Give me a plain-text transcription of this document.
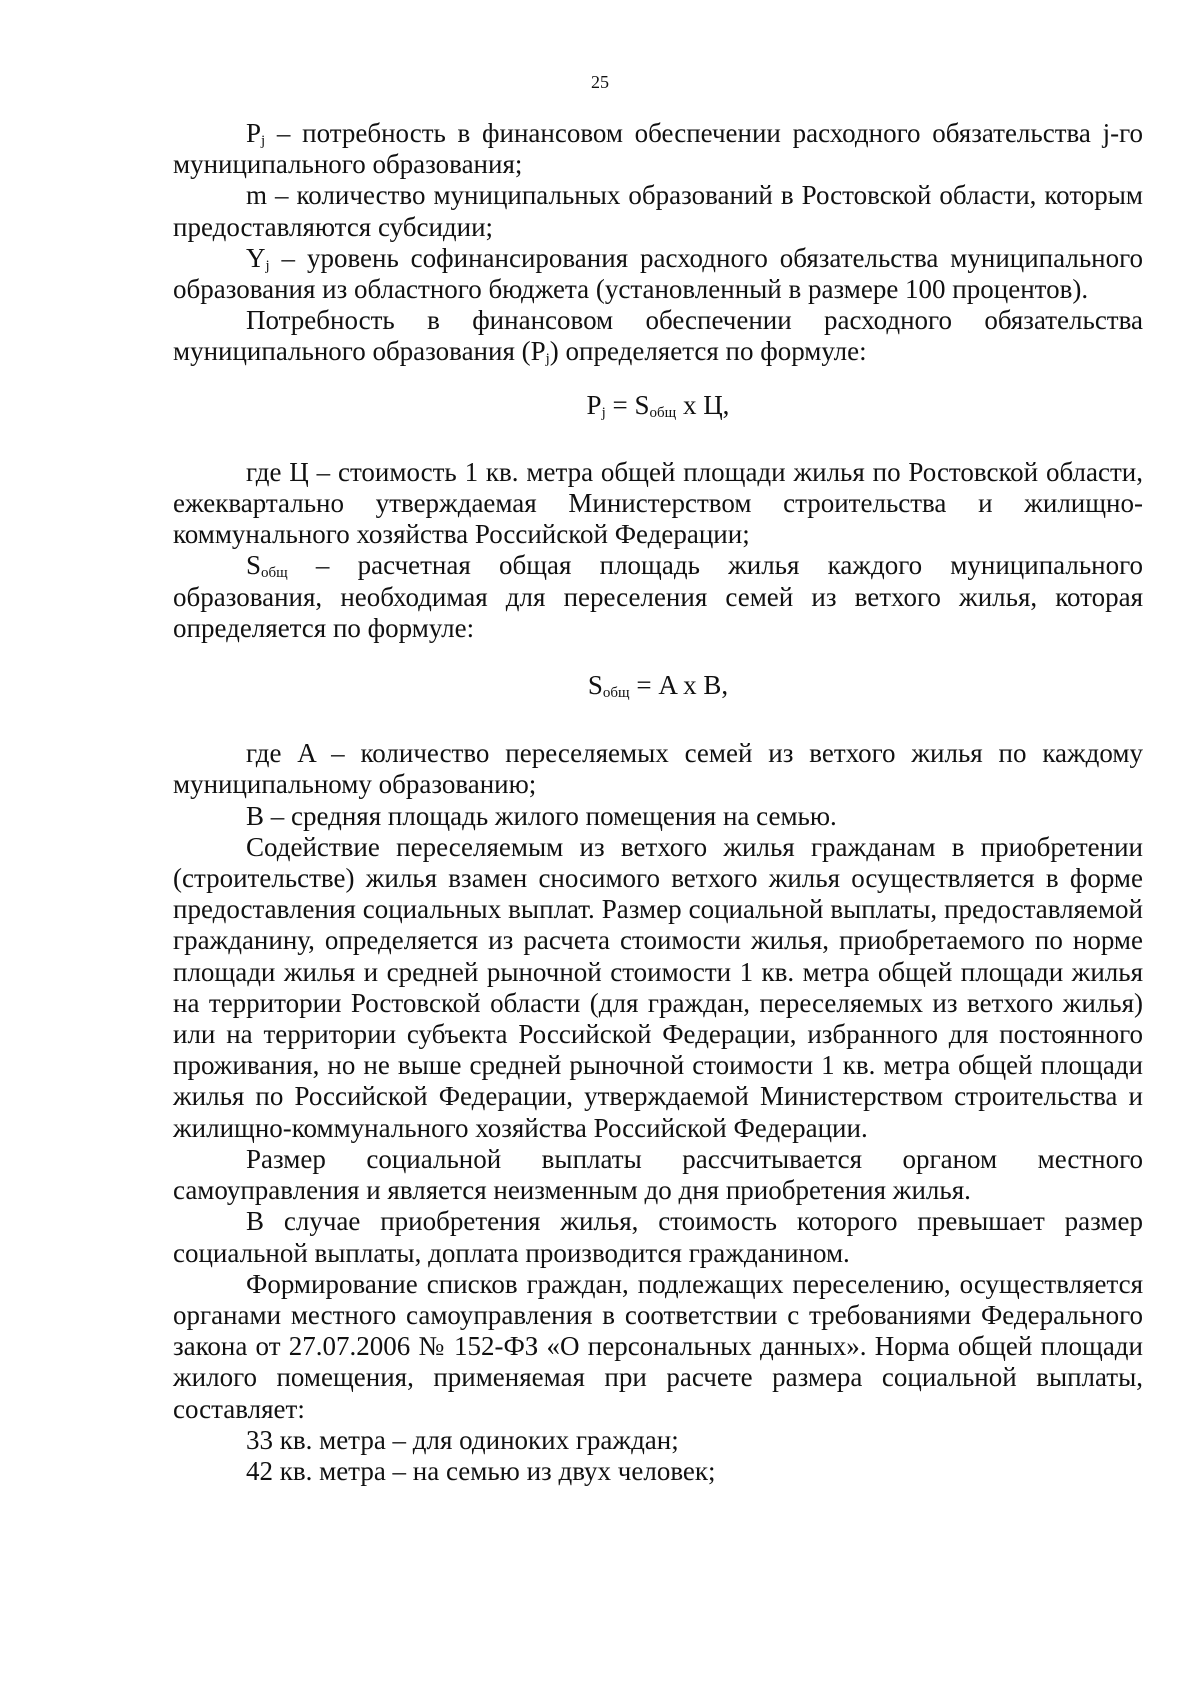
25

$P_j$ – потребность в финансовом обеспечении расходного обязательства j-го муниципального образования;

m – количество муниципальных образований в Ростовской области, которым предоставляются субсидии;

$Y_j$ – уровень софинансирования расходного обязательства муниципального образования из областного бюджета (установленный в размере 100 процентов).

Потребность в финансовом обеспечении расходного обязательства муниципального образования $(P_j)$ определяется по формуле:

$P_j = S_{общ}$ x Ц,

где Ц – стоимость 1 кв. метра общей площади жилья по Ростовской области, ежеквартально утверждаемая Министерством строительства и жилищно-коммунального хозяйства Российской Федерации;

$S_{общ}$ – расчетная общая площадь жилья каждого муниципального образования, необходимая для переселения семей из ветхого жилья, которая определяется по формуле:

$S_{общ} = A$ x B,

где A – количество переселяемых семей из ветхого жилья по каждому муниципальному образованию;

B – средняя площадь жилого помещения на семью.

Содействие переселяемым из ветхого жилья гражданам в приобретении (строительстве) жилья взамен сносимого ветхого жилья осуществляется в форме предоставления социальных выплат. Размер социальной выплаты, предоставляемой гражданину, определяется из расчета стоимости жилья, приобретаемого по норме площади жилья и средней рыночной стоимости 1 кв. метра общей площади жилья на территории Ростовской области (для граждан, переселяемых из ветхого жилья) или на территории субъекта Российской Федерации, избранного для постоянного проживания, но не выше средней рыночной стоимости 1 кв. метра общей площади жилья по Российской Федерации, утверждаемой Министерством строительства и жилищно-коммунального хозяйства Российской Федерации.

Размер социальной выплаты рассчитывается органом местного самоуправления и является неизменным до дня приобретения жилья.

В случае приобретения жилья, стоимость которого превышает размер социальной выплаты, доплата производится гражданином.

Формирование списков граждан, подлежащих переселению, осуществляется органами местного самоуправления в соответствии с требованиями Федерального закона от 27.07.2006 № 152-ФЗ «О персональных данных». Норма общей площади жилого помещения, применяемая при расчете размера социальной выплаты, составляет:

33 кв. метра – для одиноких граждан;

42 кв. метра – на семью из двух человек;
